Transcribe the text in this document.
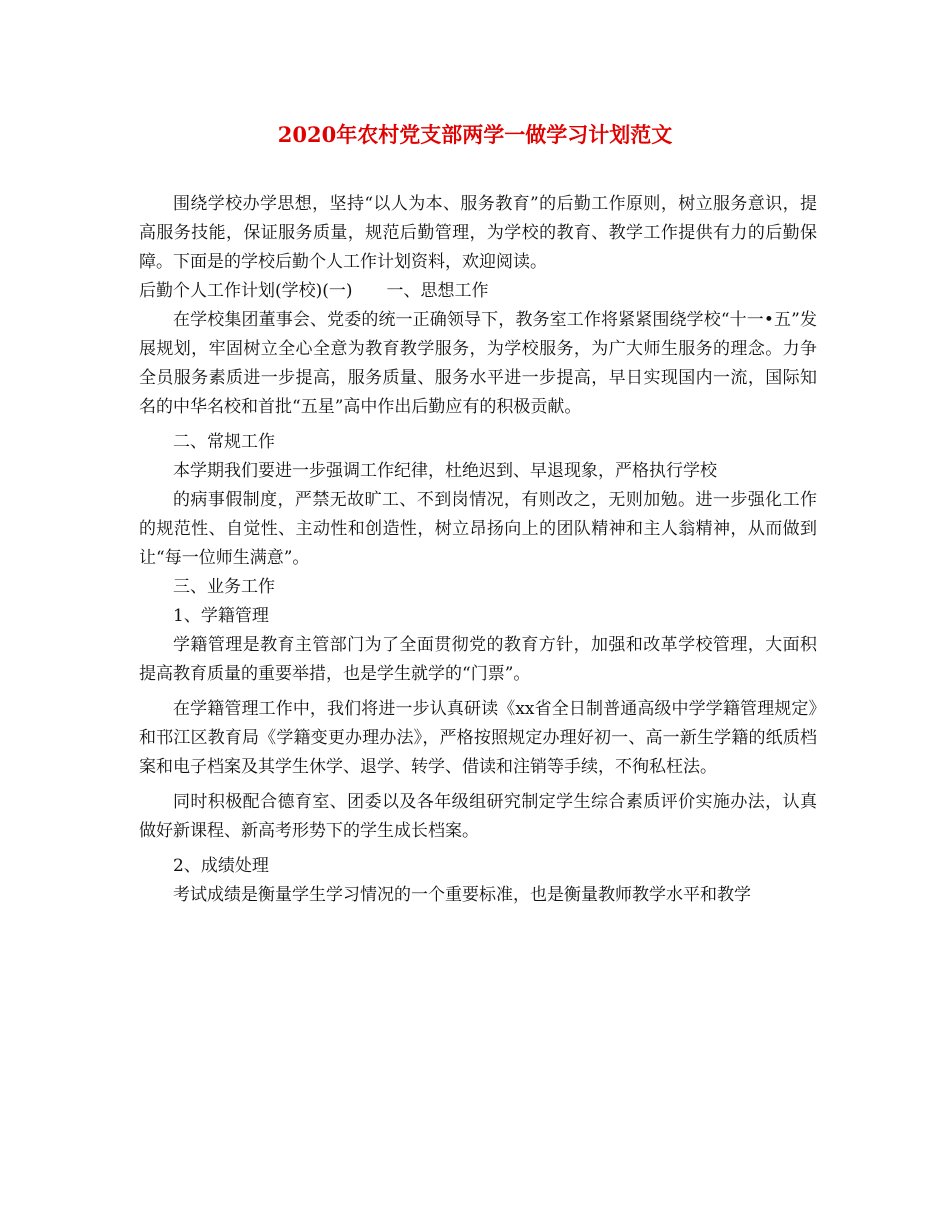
2020年农村党支部两学一做学习计划范文

围绕学校办学思想，坚持“以人为本、服务教育”的后勤工作原则，树立服务意识，提高服务技能，保证服务质量，规范后勤管理，为学校的教育、教学工作提供有力的后勤保障。下面是的学校后勤个人工作计划资料，欢迎阅读。

后勤个人工作计划(学校)(一)　　一、思想工作

在学校集团董事会、党委的统一正确领导下，教务室工作将紧紧围绕学校“十一•五”发展规划，牢固树立全心全意为教育教学服务，为学校服务，为广大师生服务的理念。力争全员服务素质进一步提高，服务质量、服务水平进一步提高，早日实现国内一流，国际知名的中华名校和首批“五星”高中作出后勤应有的积极贡献。

二、常规工作

本学期我们要进一步强调工作纪律，杜绝迟到、早退现象，严格执行学校

的病事假制度，严禁无故旷工、不到岗情况，有则改之，无则加勉。进一步强化工作的规范性、自觉性、主动性和创造性，树立昂扬向上的团队精神和主人翁精神，从而做到让“每一位师生满意”。

三、业务工作

1、学籍管理

学籍管理是教育主管部门为了全面贯彻党的教育方针，加强和改革学校管理，大面积提高教育质量的重要举措，也是学生就学的“门票”。

在学籍管理工作中，我们将进一步认真研读《xx省全日制普通高级中学学籍管理规定》和邗江区教育局《学籍变更办理办法》，严格按照规定办理好初一、高一新生学籍的纸质档案和电子档案及其学生休学、退学、转学、借读和注销等手续，不徇私枉法。

同时积极配合德育室、团委以及各年级组研究制定学生综合素质评价实施办法，认真做好新课程、新高考形势下的学生成长档案。

2、成绩处理

考试成绩是衡量学生学习情况的一个重要标准，也是衡量教师教学水平和教学
